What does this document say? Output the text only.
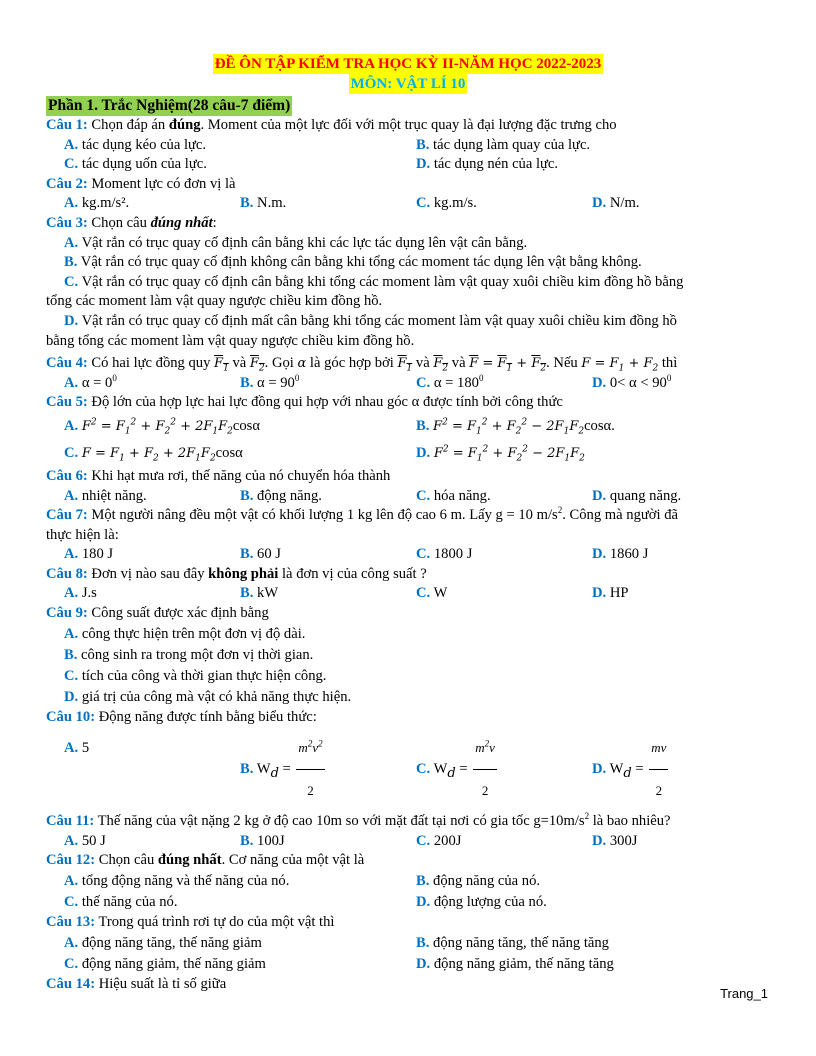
ĐỀ ÔN TẬP KIỂM TRA HỌC KỲ II-NĂM HỌC 2022-2023
MÔN: VẬT LÍ 10
Phần 1. Trắc Nghiệm(28 câu-7 điểm)
Câu 1: Chọn đáp án đúng. Moment của một lực đối với một trục quay là đại lượng đặc trưng cho
A. tác dụng kéo của lực.	B. tác dụng làm quay của lực.
C. tác dụng uốn của lực.	D. tác dụng nén của lực.
Câu 2: Moment lực có đơn vị là
A. kg.m/s².	B. N.m.	C. kg.m/s.	D. N/m.
Câu 3: Chọn câu đúng nhất:
A. Vật rắn có trục quay cố định cân bằng khi các lực tác dụng lên vật cân bằng.
B. Vật rắn có trục quay cố định không cân bằng khi tổng các moment tác dụng lên vật bằng không.
C. Vật rắn có trục quay cố định cân bằng khi tổng các moment làm vật quay xuôi chiều kim đồng hồ bằng
tổng các moment làm vật quay ngược chiều kim đồng hồ.
D. Vật rắn có trục quay cố định mất cân bằng khi tổng các moment làm vật quay xuôi chiều kim đồng hồ
bằng tổng các moment làm vật quay ngược chiều kim đồng hồ.
Câu 4: Có hai lực đồng quy $F_1$ và $F_2$. Gọi α là góc hợp bởi $F_1$ và $F_2$ và $\overline{F} = F_1 + F_2$. Nếu $F = F_1 + F_2$ thì
A. $\alpha = 0^0$	B. $\alpha = 90^0$	C. $\alpha = 180^0$	D. $0< \alpha < 90^0$
Câu 5: Độ lớn của hợp lực hai lực đồng qui hợp với nhau góc α được tính bởi công thức
A. $F^2 = F_1^2 + F_2^2 + 2F_1F_2\cos\alpha$	B. $F^2 = F_1^2 + F_2^2 - 2F_1F_2\cos\alpha$.
C. $F = F_1 + F_2 + 2F_1F_2\cos\alpha$	D. $F^2 = F_1^2 + F_2^2 - 2F_1F_2$
Câu 6: Khi hạt mưa rơi, thế năng của nó chuyển hóa thành
A. nhiệt năng.	B. động năng.	C. hóa năng.	D. quang năng.
Câu 7: Một người nâng đều một vật có khối lượng 1 kg lên độ cao 6 m. Lấy g = 10 $m/s^2$. Công mà người đã
thực hiện là:
A. 180 J	B. 60 J	C. 1800 J	D. 1860 J
Câu 8: Đơn vị nào sau đây không phải là đơn vị của công suất ?
A. J.s	B. kW	C. W	D. HP
Câu 9: Công suất được xác định bằng
A. công thực hiện trên một đơn vị độ dài.
B. công sinh ra trong một đơn vị thời gian.
C. tích của công và thời gian thực hiện công.
D. giá trị của công mà vật có khả năng thực hiện.
Câu 10: Động năng được tính bằng biểu thức:
A. 5
B. $W_d = \frac{m^2v^2}{2}$	C. $W_d = \frac{m^2v}{2}$	D. $W_d = \frac{mv}{2}$
Câu 11: Thế năng của vật nặng 2 kg ở độ cao 10m so với mặt đất tại nơi có gia tốc $g=10m/s^2$ là bao nhiêu?
A. 50 J	B. 100J	C. 200J	D. 300J
Câu 12: Chọn câu đúng nhất. Cơ năng của một vật là
A. tổng động năng và thế năng của nó.	B. động năng của nó.
C. thế năng của nó.	D. động lượng của nó.
Câu 13: Trong quá trình rơi tự do của một vật thì
A. động năng tăng, thế năng giảm	B. động năng tăng, thế năng tăng
C. động năng giảm, thế năng giảm	D. động năng giảm, thế năng tăng
Câu 14: Hiệu suất là tỉ số giữa
Trang_1
